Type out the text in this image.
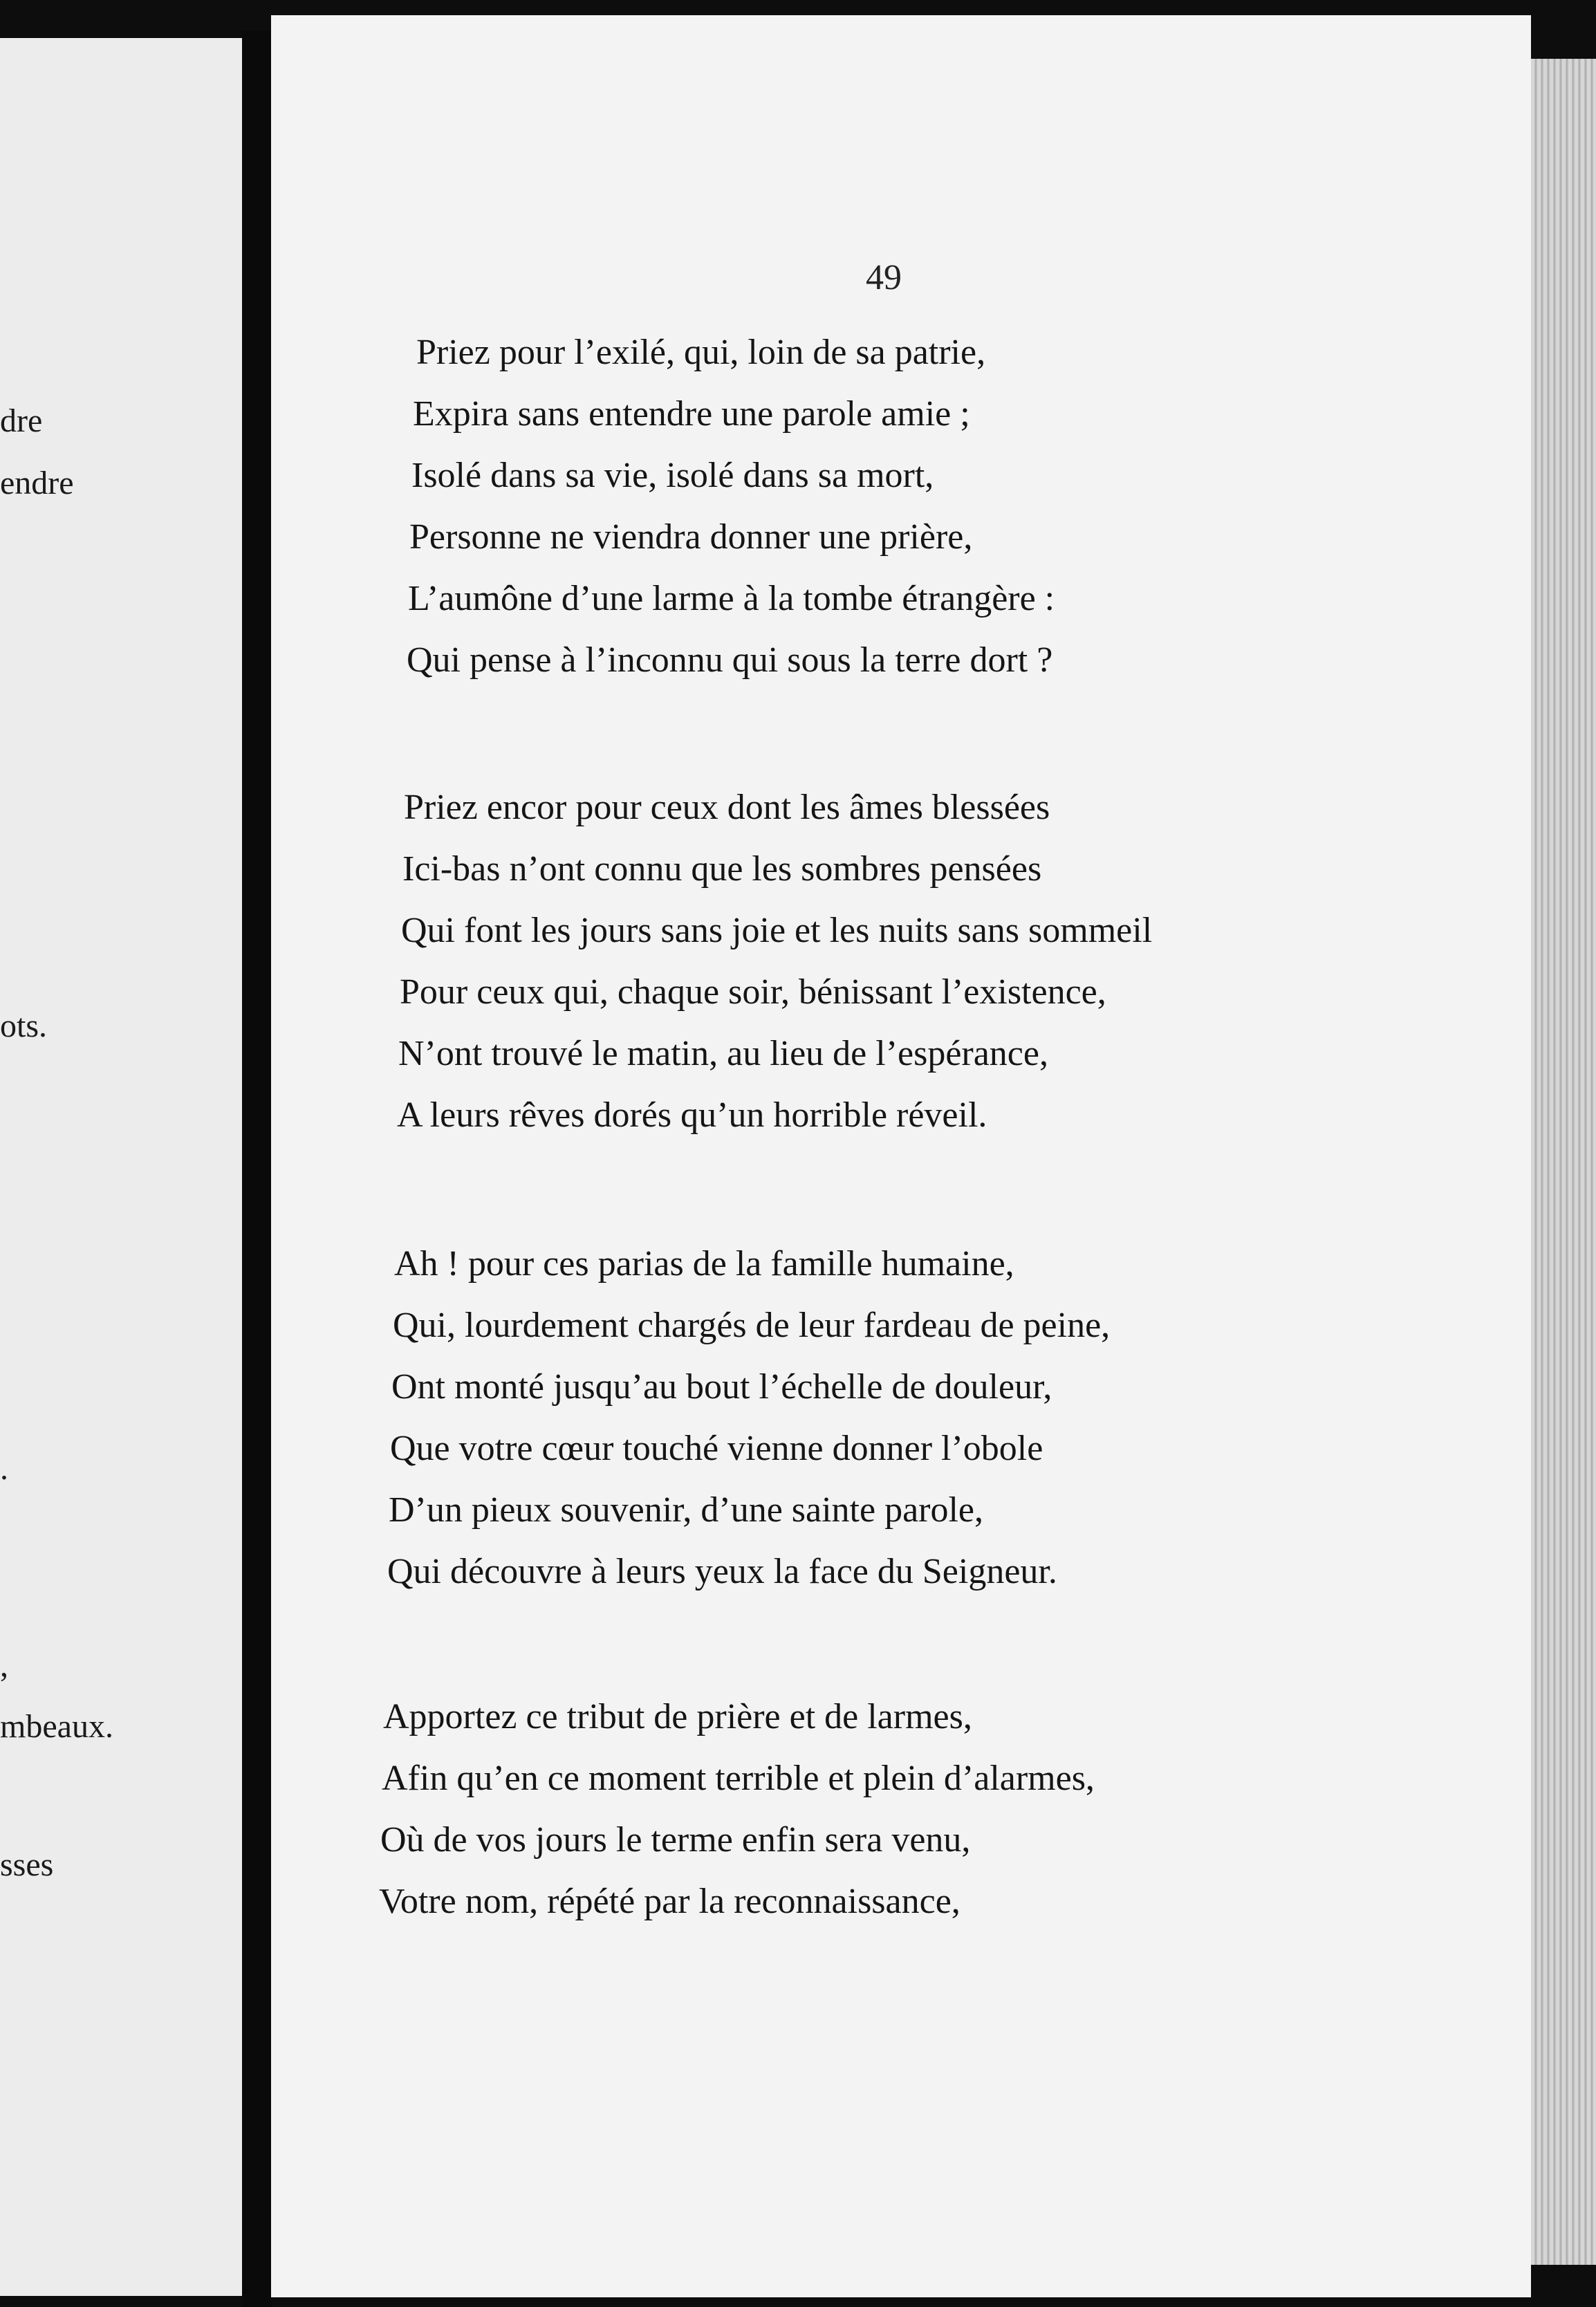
dre
endre
ots.
.
,
mbeaux.
sses
49
Priez pour l’exilé, qui, loin de sa patrie,
Expira sans entendre une parole amie ;
Isolé dans sa vie, isolé dans sa mort,
Personne ne viendra donner une prière,
L’aumône d’une larme à la tombe étrangère :
Qui pense à l’inconnu qui sous la terre dort ?
Priez encor pour ceux dont les âmes blessées
Ici-bas n’ont connu que les sombres pensées
Qui font les jours sans joie et les nuits sans sommeil
Pour ceux qui, chaque soir, bénissant l’existence,
N’ont trouvé le matin, au lieu de l’espérance,
A leurs rêves dorés qu’un horrible réveil.
Ah ! pour ces parias de la famille humaine,
Qui, lourdement chargés de leur fardeau de peine,
Ont monté jusqu’au bout l’échelle de douleur,
Que votre cœur touché vienne donner l’obole
D’un pieux souvenir, d’une sainte parole,
Qui découvre à leurs yeux la face du Seigneur.
Apportez ce tribut de prière et de larmes,
Afin qu’en ce moment terrible et plein d’alarmes,
Où de vos jours le terme enfin sera venu,
Votre nom, répété par la reconnaissance,
